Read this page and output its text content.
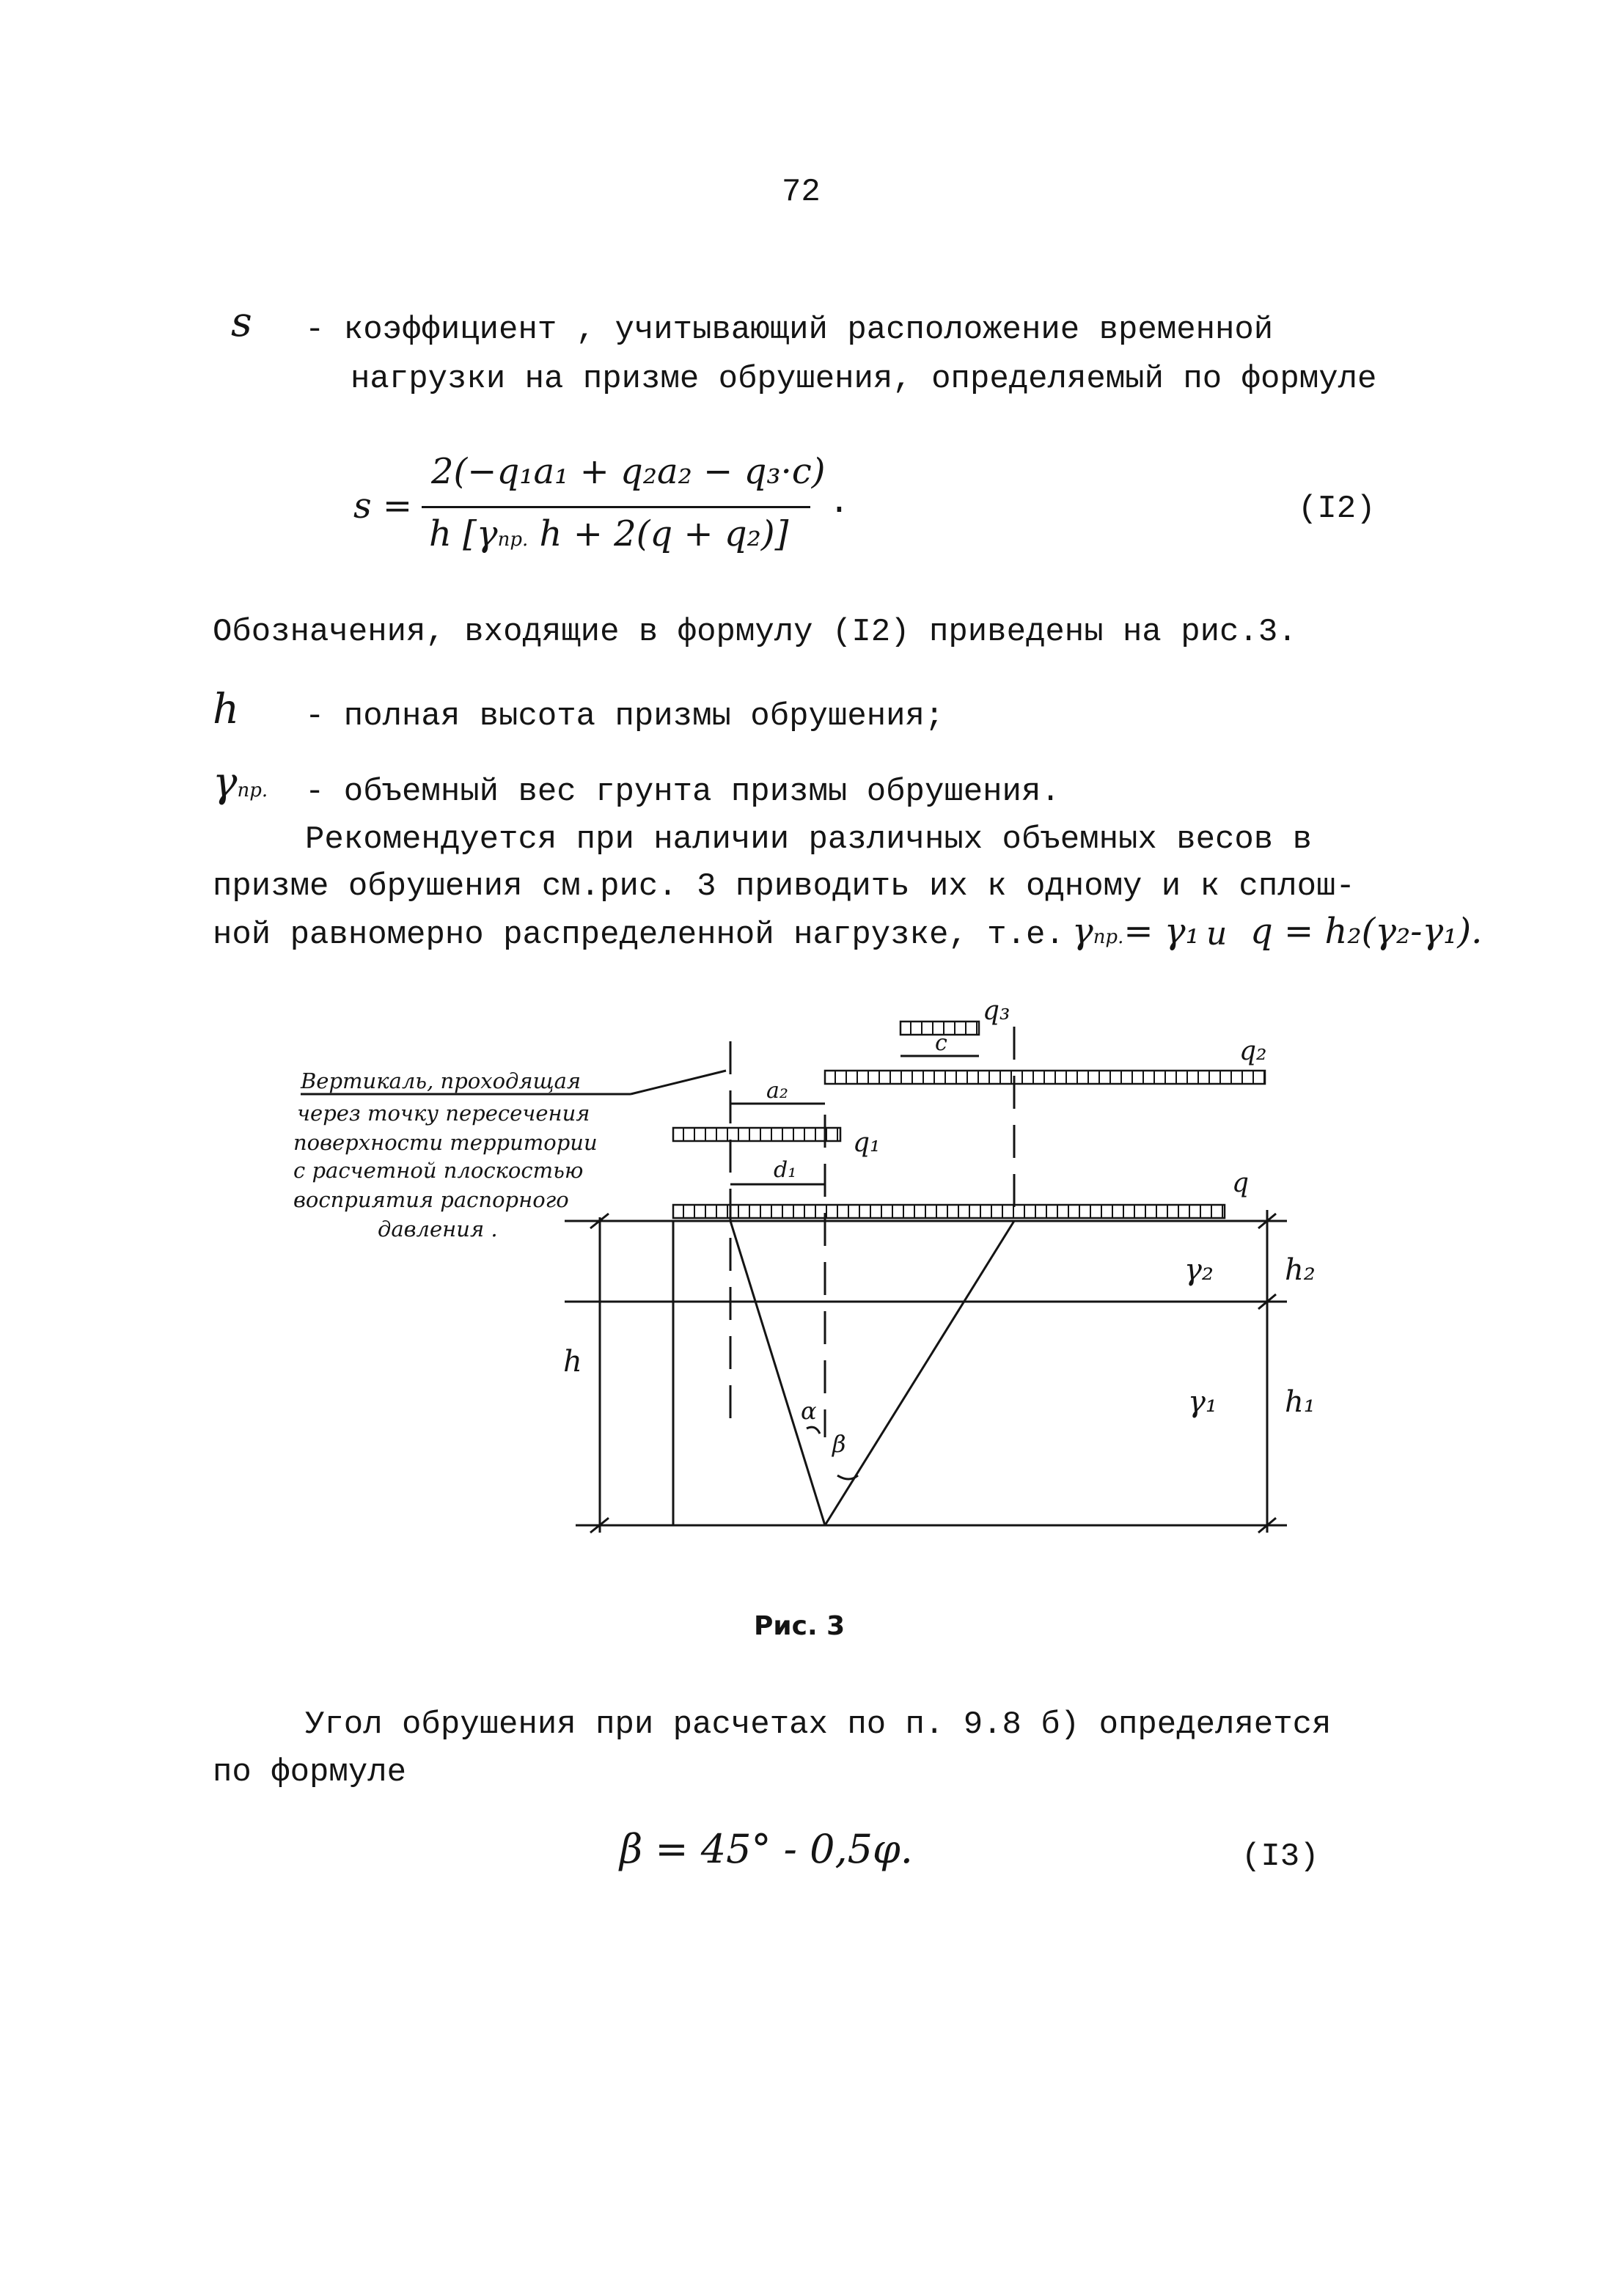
72
s - коэффициент , учитывающий расположение временной
нагрузки на призме обрушения, определяемый по формуле
s =
2(−q₁a₁ + q₂a₂ − q₃·c)
h [γпр. h + 2(q + q₂)]
.	(I2)
Обозначения, входящие в формулу (I2) приведены на рис.3.
h - полная высота призмы обрушения;
γпр. - объемный вес грунта призмы обрушения.
Рекомендуется при наличии различных объемных весов в
призме обрушения см.рис. 3 приводить их к одному и к сплош-
ной равномерно распределенной нагрузке, т.е. γпр.= γ₁ и q = h₂(γ₂-γ₁).
q₃
c	q₂
a₂
q₁
d₁	q
γ₂ h₂
h
γ₁ h₁
α
β
Вертикаль, проходящая
через точку пересечения
поверхности территории
с расчетной плоскостью
восприятия распорного
давления .
Рис. 3
Угол обрушения при расчетах по п. 9.8 б) определяется
по формуле
β = 45° - 0,5φ.	(I3)
